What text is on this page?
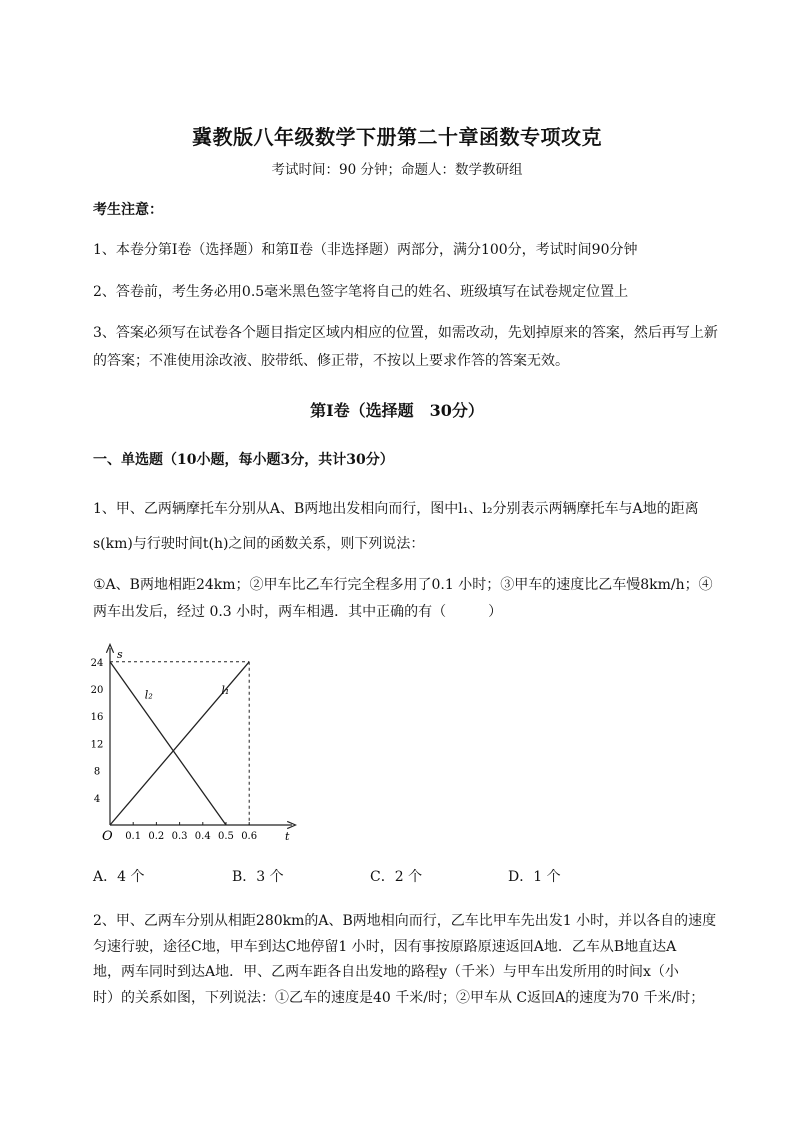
冀教版八年级数学下册第二十章函数专项攻克
考试时间：90 分钟；命题人：数学教研组

考生注意：

1、本卷分第I卷（选择题）和第Ⅱ卷（非选择题）两部分，满分100分，考试时间90分钟

2、答卷前，考生务必用0.5毫米黑色签字笔将自己的姓名、班级填写在试卷规定位置上

3、答案必须写在试卷各个题目指定区域内相应的位置，如需改动，先划掉原来的答案，然后再写上新

的答案；不准使用涂改液、胶带纸、修正带，不按以上要求作答的答案无效。

第I卷（选择题　30分）

一、单选题（10小题，每小题3分，共计30分）

1、甲、乙两辆摩托车分别从A、B两地出发相向而行，图中l₁、l₂分别表示两辆摩托车与A地的距离

s(km)与行驶时间t(h)之间的函数关系，则下列说法：

①A、B两地相距24km；②甲车比乙车行完全程多用了0.1 小时；③甲车的速度比乙车慢8km/h；④

两车出发后，经过 0.3 小时，两车相遇．其中正确的有（　　　）

s
t
O 0.1 0.2 0.3 0.4 0.5 0.6
4
8
12
16
20
24
l₁
l₂
A．4 个	B．3 个	C．2 个	D．1 个

2、甲、乙两车分别从相距280km的A、B两地相向而行，乙车比甲车先出发1 小时，并以各自的速度

匀速行驶，途径C地，甲车到达C地停留1 小时，因有事按原路原速返回A地．乙车从B地直达A

地，两车同时到达A地．甲、乙两车距各自出发地的路程y（千米）与甲车出发所用的时间x（小

时）的关系如图，下列说法：①乙车的速度是40 千米/时；②甲车从 C返回A的速度为70 千米/时；
